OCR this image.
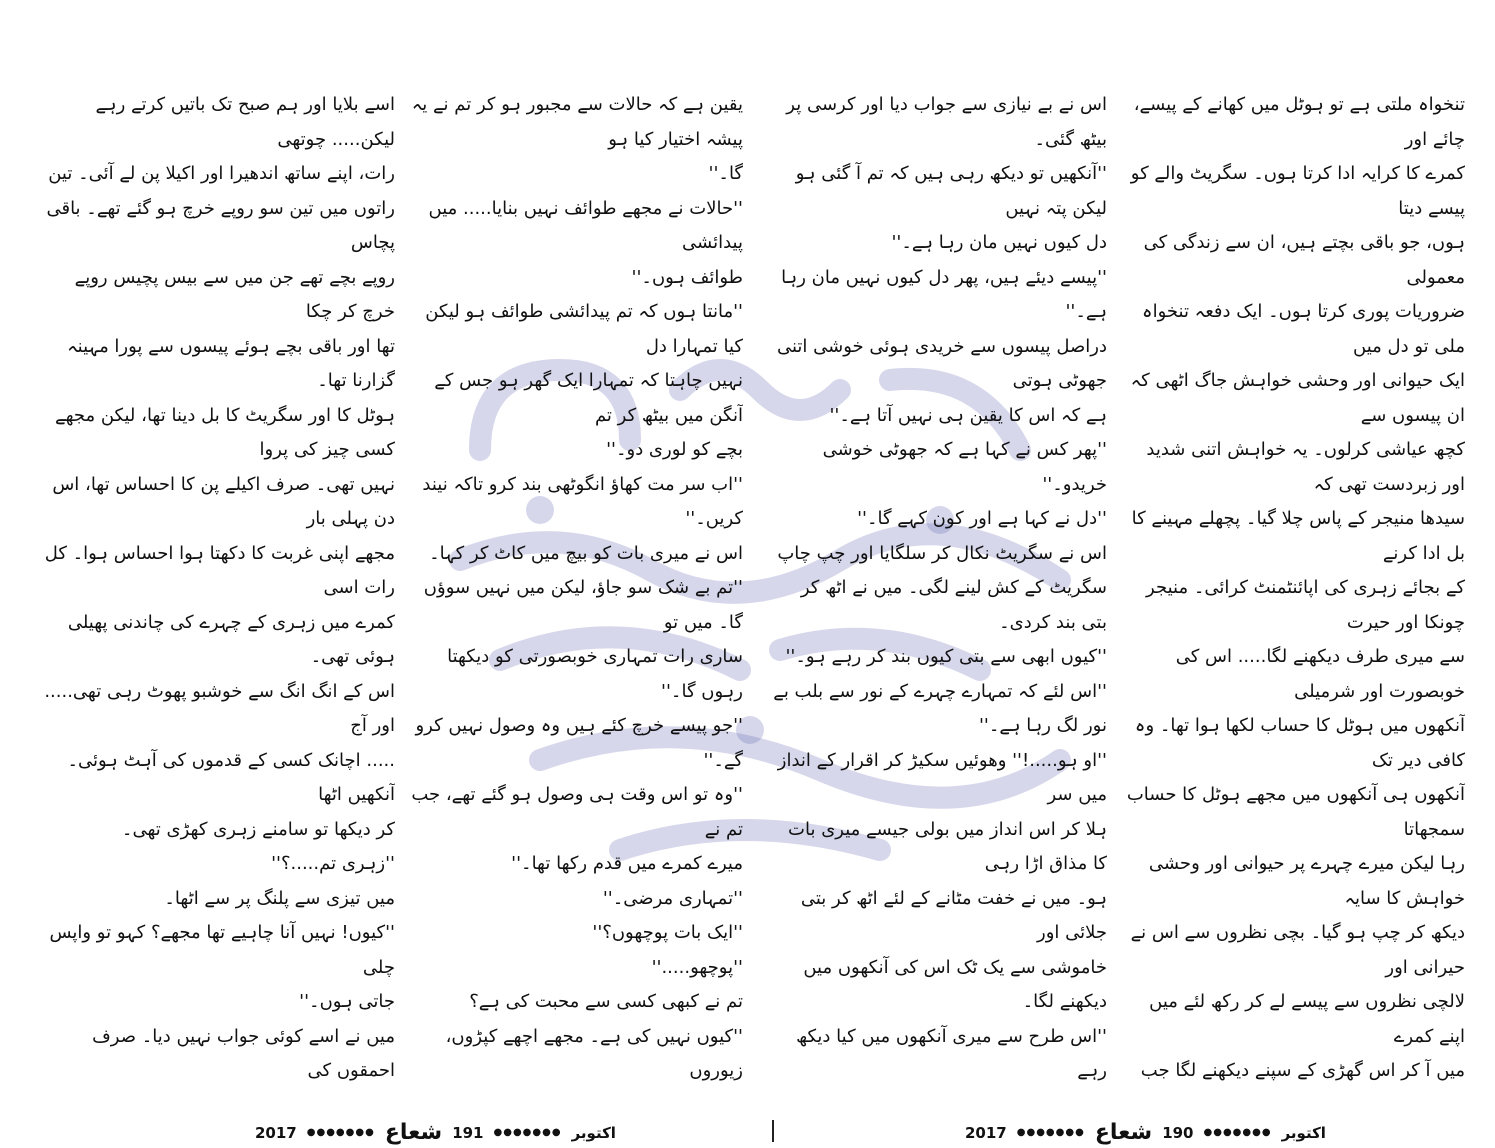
اسے بلایا اور ہم صبح تک باتیں کرتے رہے لیکن..... چوتھی

رات، اپنے ساتھ اندھیرا اور اکیلا پن لے آئی۔ تین

راتوں میں تین سو روپے خرچ ہو گئے تھے۔ باقی پچاس

روپے بچے تھے جن میں سے بیس پچیس روپے خرچ کر چکا

تھا اور باقی بچے ہوئے پیسوں سے پورا مہینہ گزارنا تھا۔

ہوٹل کا اور سگریٹ کا بل دینا تھا، لیکن مجھے کسی چیز کی پروا

نہیں تھی۔ صرف اکیلے پن کا احساس تھا، اس دن پہلی بار

مجھے اپنی غربت کا دکھتا ہوا احساس ہوا۔ کل رات اسی

کمرے میں زہری کے چہرے کی چاندنی پھیلی ہوئی تھی۔

اس کے انگ انگ سے خوشبو پھوٹ رہی تھی..... اور آج

..... اچانک کسی کے قدموں کی آہٹ ہوئی۔ آنکھیں اٹھا

کر دیکھا تو سامنے زہری کھڑی تھی۔

''زہری تم.....؟''

میں تیزی سے پلنگ پر سے اٹھا۔

''کیوں! نہیں آنا چاہیے تھا مجھے؟ کہو تو واپس چلی

جاتی ہوں۔''

میں نے اسے کوئی جواب نہیں دیا۔ صرف احمقوں کی

یقین ہے کہ حالات سے مجبور ہو کر تم نے یہ پیشہ اختیار کیا ہو

گا۔''

''حالات نے مجھے طوائف نہیں بنایا..... میں پیدائشی

طوائف ہوں۔''

''مانتا ہوں کہ تم پیدائشی طوائف ہو لیکن کیا تمہارا دل

نہیں چاہتا کہ تمہارا ایک گھر ہو جس کے آنگن میں بیٹھ کر تم

بچے کو لوری دو۔''

''اب سر مت کھاؤ انگوٹھی بند کرو تاکہ نیند کریں۔''

اس نے میری بات کو بیچ میں کاٹ کر کہا۔

''تم بے شک سو جاؤ، لیکن میں نہیں سوؤں گا۔ میں تو

ساری رات تمہاری خوبصورتی کو دیکھتا رہوں گا۔''

''جو پیسے خرچ کئے ہیں وہ وصول نہیں کرو گے۔''

''وہ تو اس وقت ہی وصول ہو گئے تھے، جب تم نے

میرے کمرے میں قدم رکھا تھا۔''

''تمہاری مرضی۔''

''ایک بات پوچھوں؟''

''پوچھو.....''

تم نے کبھی کسی سے محبت کی ہے؟

''کیوں نہیں کی ہے۔ مجھے اچھے کپڑوں، زیوروں

اکتوبر
●●●●●●●
191
شعاع
●●●●●●●
2017

اس نے بے نیازی سے جواب دیا اور کرسی پر بیٹھ گئی۔

''آنکھیں تو دیکھ رہی ہیں کہ تم آ گئی ہو لیکن پتہ نہیں

دل کیوں نہیں مان رہا ہے۔''

''پیسے دیئے ہیں، پھر دل کیوں نہیں مان رہا ہے۔''

دراصل پیسوں سے خریدی ہوئی خوشی اتنی جھوٹی ہوتی

ہے کہ اس کا یقین ہی نہیں آتا ہے۔''

''پھر کس نے کہا ہے کہ جھوٹی خوشی خریدو۔''

''دل نے کہا ہے اور کون کہے گا۔''

اس نے سگریٹ نکال کر سلگایا اور چپ چاپ

سگریٹ کے کش لینے لگی۔ میں نے اٹھ کر بتی بند کردی۔

''کیوں ابھی سے بتی کیوں بند کر رہے ہو۔''

''اس لئے کہ تمہارے چہرے کے نور سے بلب بے

نور لگ رہا ہے۔''

''او ہو.....!'' وھوئیں سکیڑ کر اقرار کے انداز میں سر

ہلا کر اس انداز میں بولی جیسے میری بات کا مذاق اڑا رہی

ہو۔ میں نے خفت مٹانے کے لئے اٹھ کر بتی جلائی اور

خاموشی سے یک ٹک اس کی آنکھوں میں دیکھنے لگا۔

''اس طرح سے میری آنکھوں میں کیا دیکھ رہے

تنخواہ ملتی ہے تو ہوٹل میں کھانے کے پیسے، چائے اور

کمرے کا کرایہ ادا کرتا ہوں۔ سگریٹ والے کو پیسے دیتا

ہوں، جو باقی بچتے ہیں، ان سے زندگی کی معمولی

ضروریات پوری کرتا ہوں۔ ایک دفعہ تنخواہ ملی تو دل میں

ایک حیوانی اور وحشی خواہش جاگ اٹھی کہ ان پیسوں سے

کچھ عیاشی کرلوں۔ یہ خواہش اتنی شدید اور زبردست تھی کہ

سیدھا منیجر کے پاس چلا گیا۔ پچھلے مہینے کا بل ادا کرنے

کے بجائے زہری کی اپائنٹمنٹ کرائی۔ منیجر چونکا اور حیرت

سے میری طرف دیکھنے لگا..... اس کی خوبصورت اور شرمیلی

آنکھوں میں ہوٹل کا حساب لکھا ہوا تھا۔ وہ کافی دیر تک

آنکھوں ہی آنکھوں میں مجھے ہوٹل کا حساب سمجھاتا

رہا لیکن میرے چہرے پر حیوانی اور وحشی خواہش کا سایہ

دیکھ کر چپ ہو گیا۔ بچی نظروں سے اس نے حیرانی اور

لالچی نظروں سے پیسے لے کر رکھ لئے میں اپنے کمرے

میں آ کر اس گھڑی کے سپنے دیکھنے لگا جب

اکتوبر
●●●●●●●
190
شعاع
●●●●●●●
2017
